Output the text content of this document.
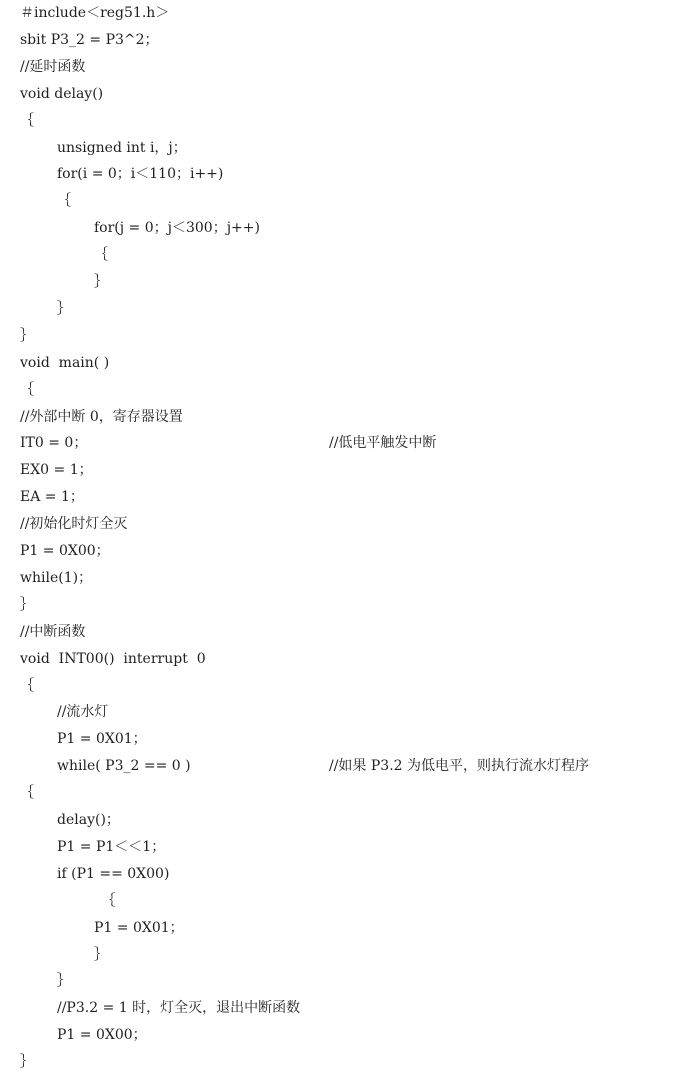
＃include＜reg51.h＞
sbit P3_2 = P3^2；
//延时函数
void delay()
｛
unsigned int i，j；
for(i = 0；i＜110；i++)
｛
for(j = 0；j＜300；j++)
｛
｝
｝
｝
void  main( )
｛
//外部中断 0，寄存器设置
IT0 = 0；	//低电平触发中断
EX0 = 1；
EA = 1；
//初始化时灯全灭
P1 = 0X00；
while(1)；
｝
//中断函数
void  INT00()  interrupt  0
｛
//流水灯
P1 = 0X01；
while( P3_2 == 0 )	//如果 P3.2 为低电平，则执行流水灯程序
｛
delay()；
P1 = P1＜＜1；
if (P1 == 0X00)
｛
P1 = 0X01；
｝
｝
//P3.2 = 1 时，灯全灭，退出中断函数
P1 = 0X00；
｝
